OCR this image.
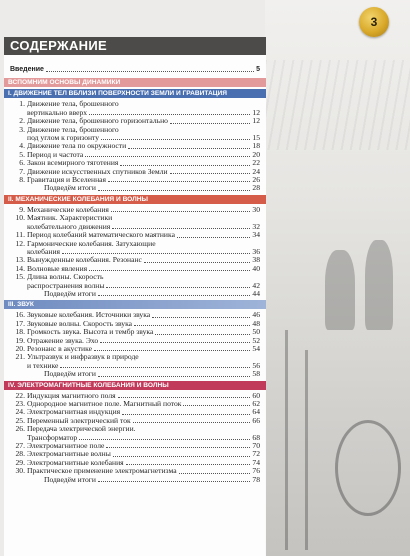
3
СОДЕРЖАНИЕ
Введение	5
ВСПОМНИМ ОСНОВЫ ДИНАМИКИ
I. ДВИЖЕНИЕ ТЕЛ ВБЛИЗИ ПОВЕРХНОСТИ ЗЕМЛИ И ГРАВИТАЦИЯ
1. Движение тела, брошенного
вертикально вверх	12
2. Движение тела, брошенного горизонтально	12
3. Движение тела, брошенного
под углом к горизонту	15
4. Движение тела по окружности	18
5. Период и частота	20
6. Закон всемирного тяготения	22
7. Движение искусственных спутников Земли	24
8. Гравитация и Вселенная	26
Подведём итоги	28
II. МЕХАНИЧЕСКИЕ КОЛЕБАНИЯ И ВОЛНЫ
9. Механические колебания	30
10. Маятник. Характеристики
колебательного движения	32
11. Период колебаний математического маятника	34
12. Гармонические колебания. Затухающие
колебания	36
13. Вынужденные колебания. Резонанс	38
14. Волновые явления	40
15. Длина волны. Скорость
распространения волны	42
Подведём итоги	44
III. ЗВУК
16. Звуковые колебания. Источники звука	46
17. Звуковые волны. Скорость звука	48
18. Громкость звука. Высота и тембр звука	50
19. Отражение звука. Эхо	52
20. Резонанс в акустике	54
21. Ультразвук и инфразвук в природе
и технике	56
Подведём итоги	58
IV. ЭЛЕКТРОМАГНИТНЫЕ КОЛЕБАНИЯ И ВОЛНЫ
22. Индукция магнитного поля	60
23. Однородное магнитное поле. Магнитный поток	62
24. Электромагнитная индукция	64
25. Переменный электрический ток	66
26. Передача электрической энергии.
Трансформатор	68
27. Электромагнитное поле	70
28. Электромагнитные волны	72
29. Электромагнитные колебания	74
30. Практическое применение электромагнетизма	76
Подведём итоги	78
